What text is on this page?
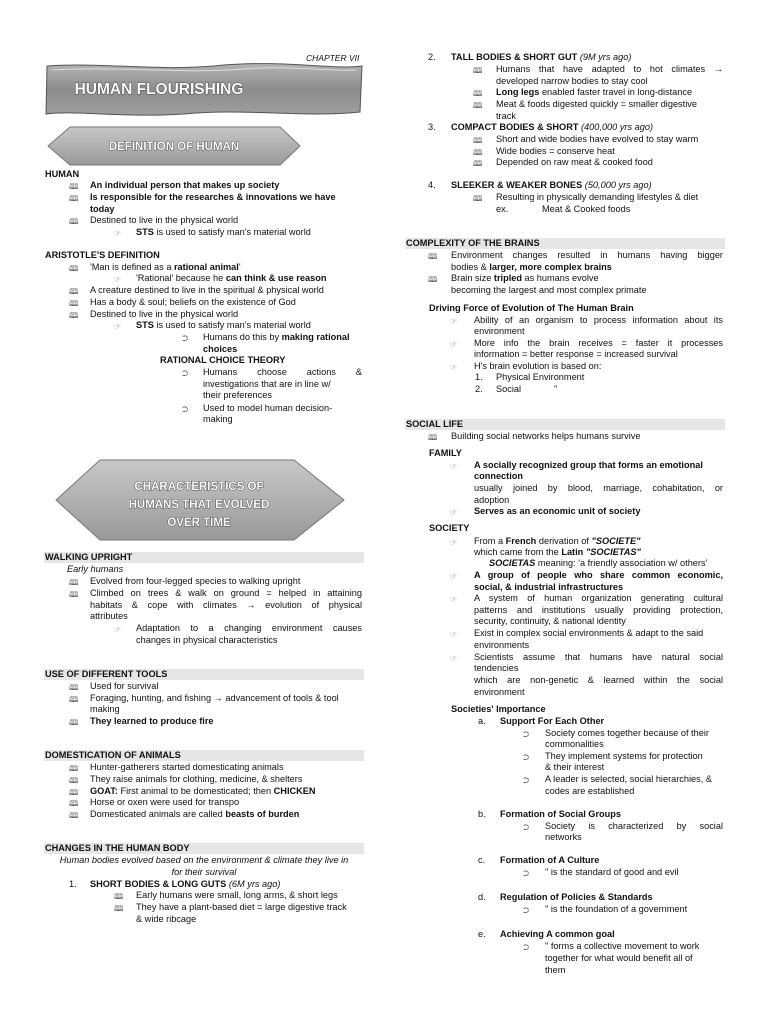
CHAPTER VII
HUMAN FLOURISHING
DEFINITION OF HUMAN
HUMAN
🕮 An individual person that makes up society
🕮 Is responsible for the researches & innovations we have
today
🕮 Destined to live in the physical world
☞ STS is used to satisfy man's material world
ARISTOTLE'S DEFINITION
🕮 'Man is defined as a rational animal'
☞ 'Rational' because he can think & use reason
🕮 A creature destined to live in the spiritual & physical world
🕮 Has a body & soul; beliefs on the existence of God
🕮 Destined to live in the physical world
☞ STS is used to satisfy man's material world
⮊ Humans do this by making rational
choices
RATIONAL CHOICE THEORY
⮊ Humans choose actions &
investigations that are in line w/
their preferences
⮊ Used to model human decision-
making
CHARACTERISTICS OF
HUMANS THAT EVOLVED
OVER TIME
WALKING UPRIGHT
Early humans
🕮 Evolved from four-legged species to walking upright
🕮 Climbed on trees & walk on ground = helped in attaining
habitats & cope with climates → evolution of physical
attributes
☞ Adaptation to a changing environment causes
changes in physical characteristics
USE OF DIFFERENT TOOLS
🕮 Used for survival
🕮 Foraging, hunting, and fishing → advancement of tools & tool
making
🕮 They learned to produce fire
DOMESTICATION OF ANIMALS
🕮 Hunter-gatherers started domesticating animals
🕮 They raise animals for clothing, medicine, & shelters
🕮 GOAT: First animal to be domesticated; then CHICKEN
🕮 Horse or oxen were used for transpo
🕮 Domesticated animals are called beasts of burden
CHANGES IN THE HUMAN BODY
Human bodies evolved based on the environment & climate they live in
for their survival
1. SHORT BODIES & LONG GUTS (6M yrs ago)
🕮 Early humans were small, long arms, & short legs
🕮 They have a plant-based diet = large digestive track
& wide ribcage
2. TALL BODIES & SHORT GUT (9M yrs ago)
🕮 Humans that have adapted to hot climates →
developed narrow bodies to stay cool
🕮 Long legs enabled faster travel in long-distance
🕮 Meat & foods digested quickly = smaller digestive
track
3. COMPACT BODIES & SHORT (400,000 yrs ago)
🕮 Short and wide bodies have evolved to stay warm
🕮 Wide bodies = conserve heat
🕮 Depended on raw meat & cooked food
4. SLEEKER & WEAKER BONES (50,000 yrs ago)
🕮 Resulting in physically demanding lifestyles & diet
ex.	Meat & Cooked foods
COMPLEXITY OF THE BRAINS
🕮 Environment changes resulted in humans having bigger
bodies & larger, more complex brains
🕮 Brain size tripled as humans evolve
becoming the largest and most complex primate
Driving Force of Evolution of The Human Brain
☞ Ability of an organism to process information about its
environment
☞ More info the brain receives = faster it processes
information = better response = increased survival
☞ H's brain evolution is based on:
1. Physical Environment
2. Social	"
SOCIAL LIFE
🕮 Building social networks helps humans survive
FAMILY
☞ A socially recognized group that forms an emotional
connection
usually joined by blood, marriage, cohabitation, or
adoption
☞ Serves as an economic unit of society
SOCIETY
☞ From a French derivation of "SOCIETE"
which came from the Latin "SOCIETAS"
SOCIETAS meaning: 'a friendly association w/ others'
☞ A group of people who share common economic,
social, & industrial infrastructures
☞ A system of human organization generating cultural
patterns and institutions usually providing protection,
security, continuity, & national identity
☞ Exist in complex social environments & adapt to the said
environments
☞ Scientists assume that humans have natural social
tendencies
which are non-genetic & learned within the social
environment
Societies' Importance
a. Support For Each Other
⮊ Society comes together because of their
commonalities
⮊ They implement systems for protection
& their interest
⮊ A leader is selected, social hierarchies, &
codes are established
b. Formation of Social Groups
⮊ Society is characterized by social
networks
c. Formation of A Culture
⮊ " is the standard of good and evil
d. Regulation of Policies & Standards
⮊ " is the foundation of a government
e. Achieving A common goal
⮊ " forms a collective movement to work
together for what would benefit all of
them
